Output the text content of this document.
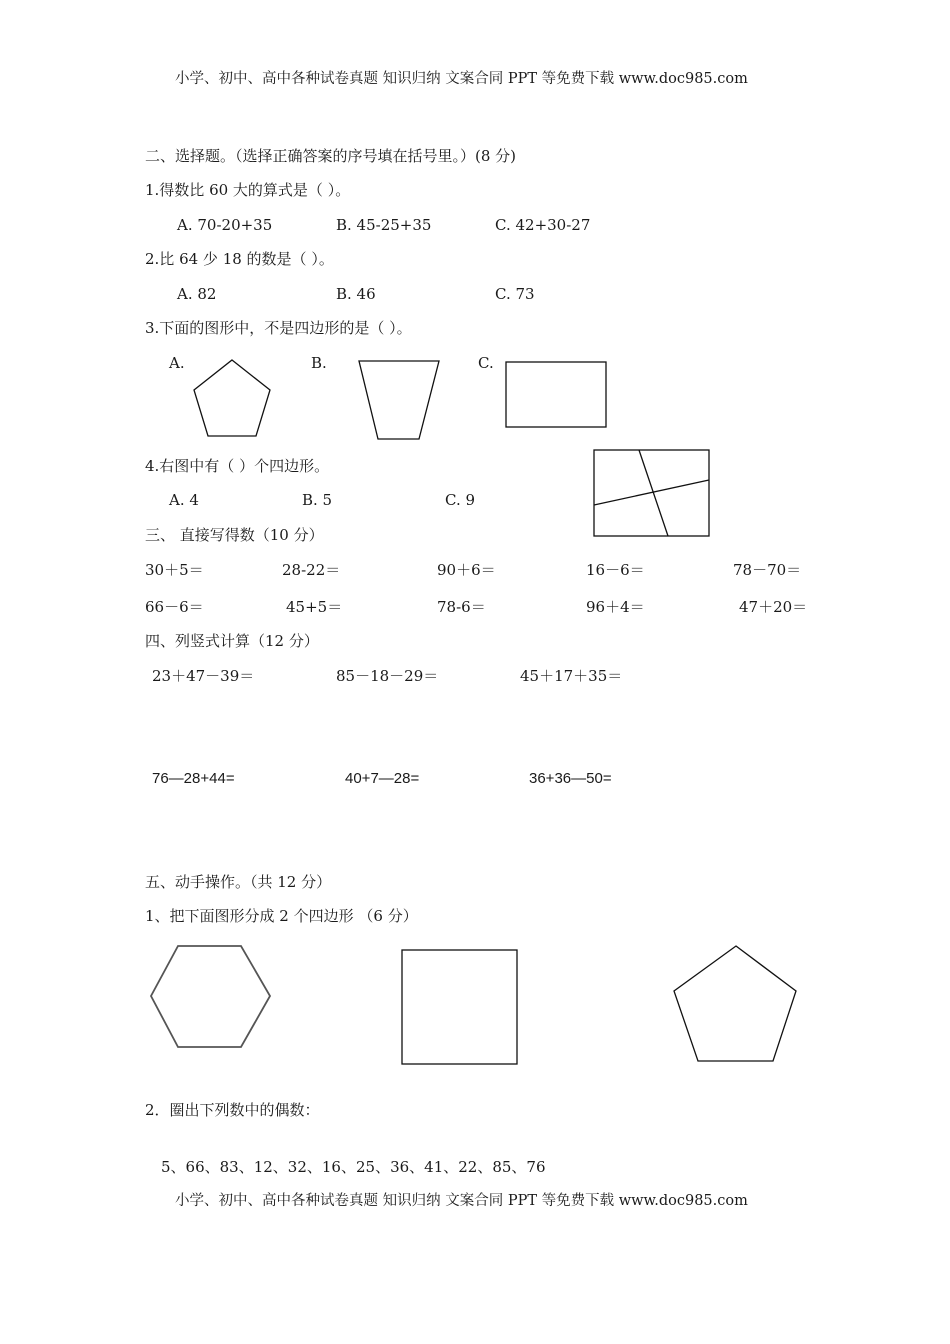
小学、初中、高中各种试卷真题 知识归纳 文案合同 PPT 等免费下载 www.doc985.com
二、选择题。（选择正确答案的序号填在括号里。）(8 分)
1.得数比 60 大的算式是（ ）。
A. 70-20+35	B. 45-25+35	C. 42+30-27
2.比 64 少 18 的数是（ ）。
A. 82	B. 46	C. 73
3.下面的图形中，不是四边形的是（ ）。
A.	B.	C.
4.右图中有（ ）个四边形。
A. 4	B. 5	C. 9
三、 直接写得数（10 分）
30＋5＝	28-22＝	90＋6＝	16－6＝	78－70＝
66－6＝	45+5＝	78-6＝	96＋4＝	47＋20＝
四、列竖式计算（12 分）
23＋47－39＝	85－18－29＝	45＋17＋35＝
76—28+44=	40+7—28=	36+36—50=
五、动手操作。（共 12 分）
1、把下面图形分成 2 个四边形 （6 分）
2．圈出下列数中的偶数：
5、66、83、12、32、16、25、36、41、22、85、76
小学、初中、高中各种试卷真题 知识归纳 文案合同 PPT 等免费下载 www.doc985.com
